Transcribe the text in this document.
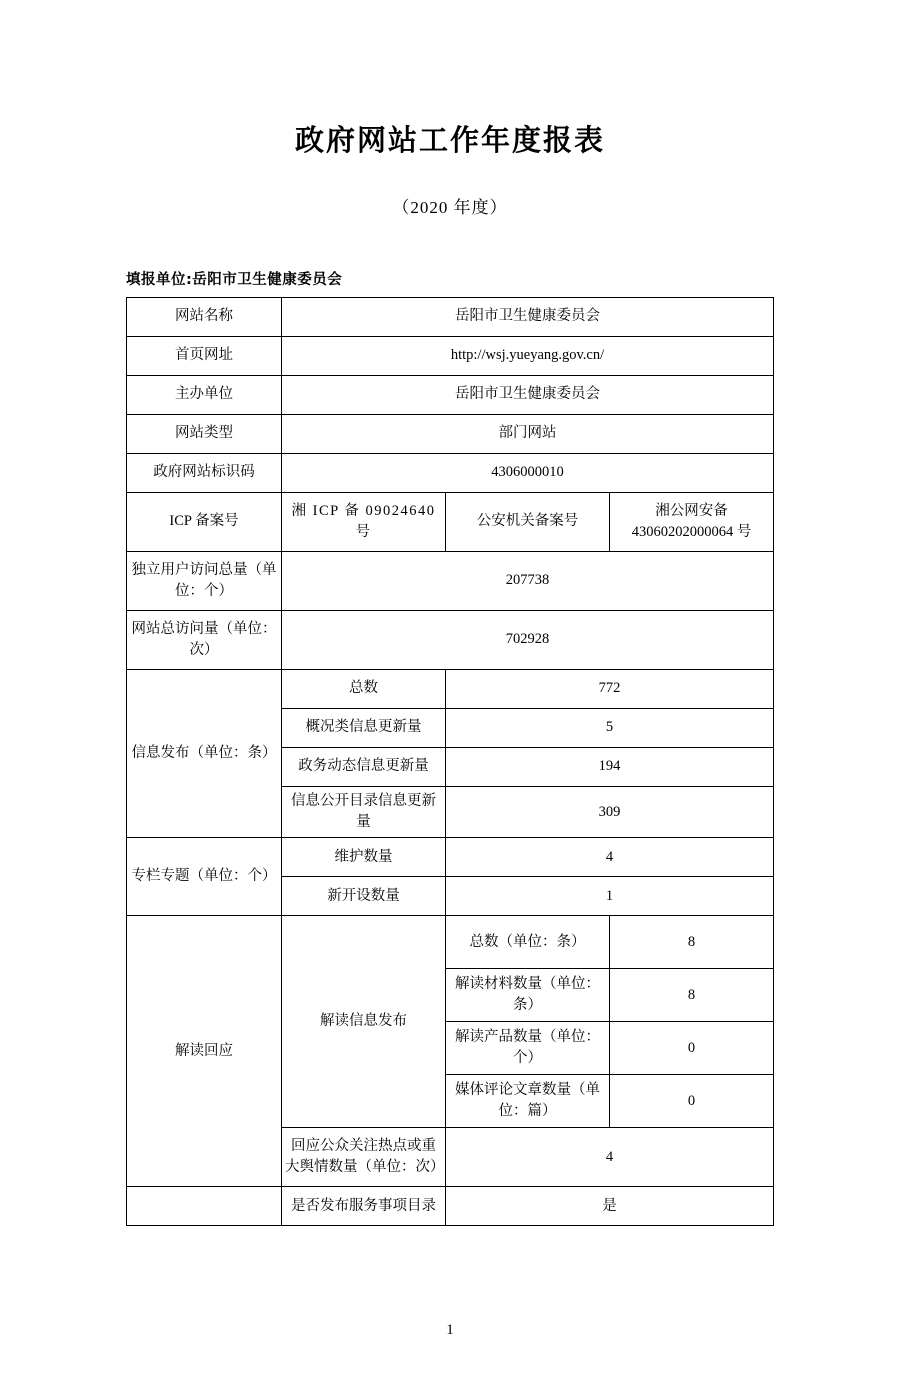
政府网站工作年度报表
（2020 年度）
填报单位:岳阳市卫生健康委员会
网站名称	岳阳市卫生健康委员会		
首页网址	http://wsj.yueyang.gov.cn/		
主办单位	岳阳市卫生健康委员会		
网站类型	部门网站		
政府网站标识码	4306000010		
ICP 备案号	湘 ICP 备 09024640 号	公安机关备案号	湘公网安备 43060202000064 号
独立用户访问总量（单位：个）	207738		
网站总访问量（单位：次）	702928		
信息发布（单位：条）	总数	772	
	概况类信息更新量	5	
	政务动态信息更新量	194	
	信息公开目录信息更新量	309	
专栏专题（单位：个）	维护数量	4	
	新开设数量	1	
解读回应	解读信息发布	总数（单位：条）	8
		解读材料数量（单位：条）	8
		解读产品数量（单位：个）	0
		媒体评论文章数量（单位：篇）	0
	回应公众关注热点或重大舆情数量（单位：次）	4	
	是否发布服务事项目录	是	
1
